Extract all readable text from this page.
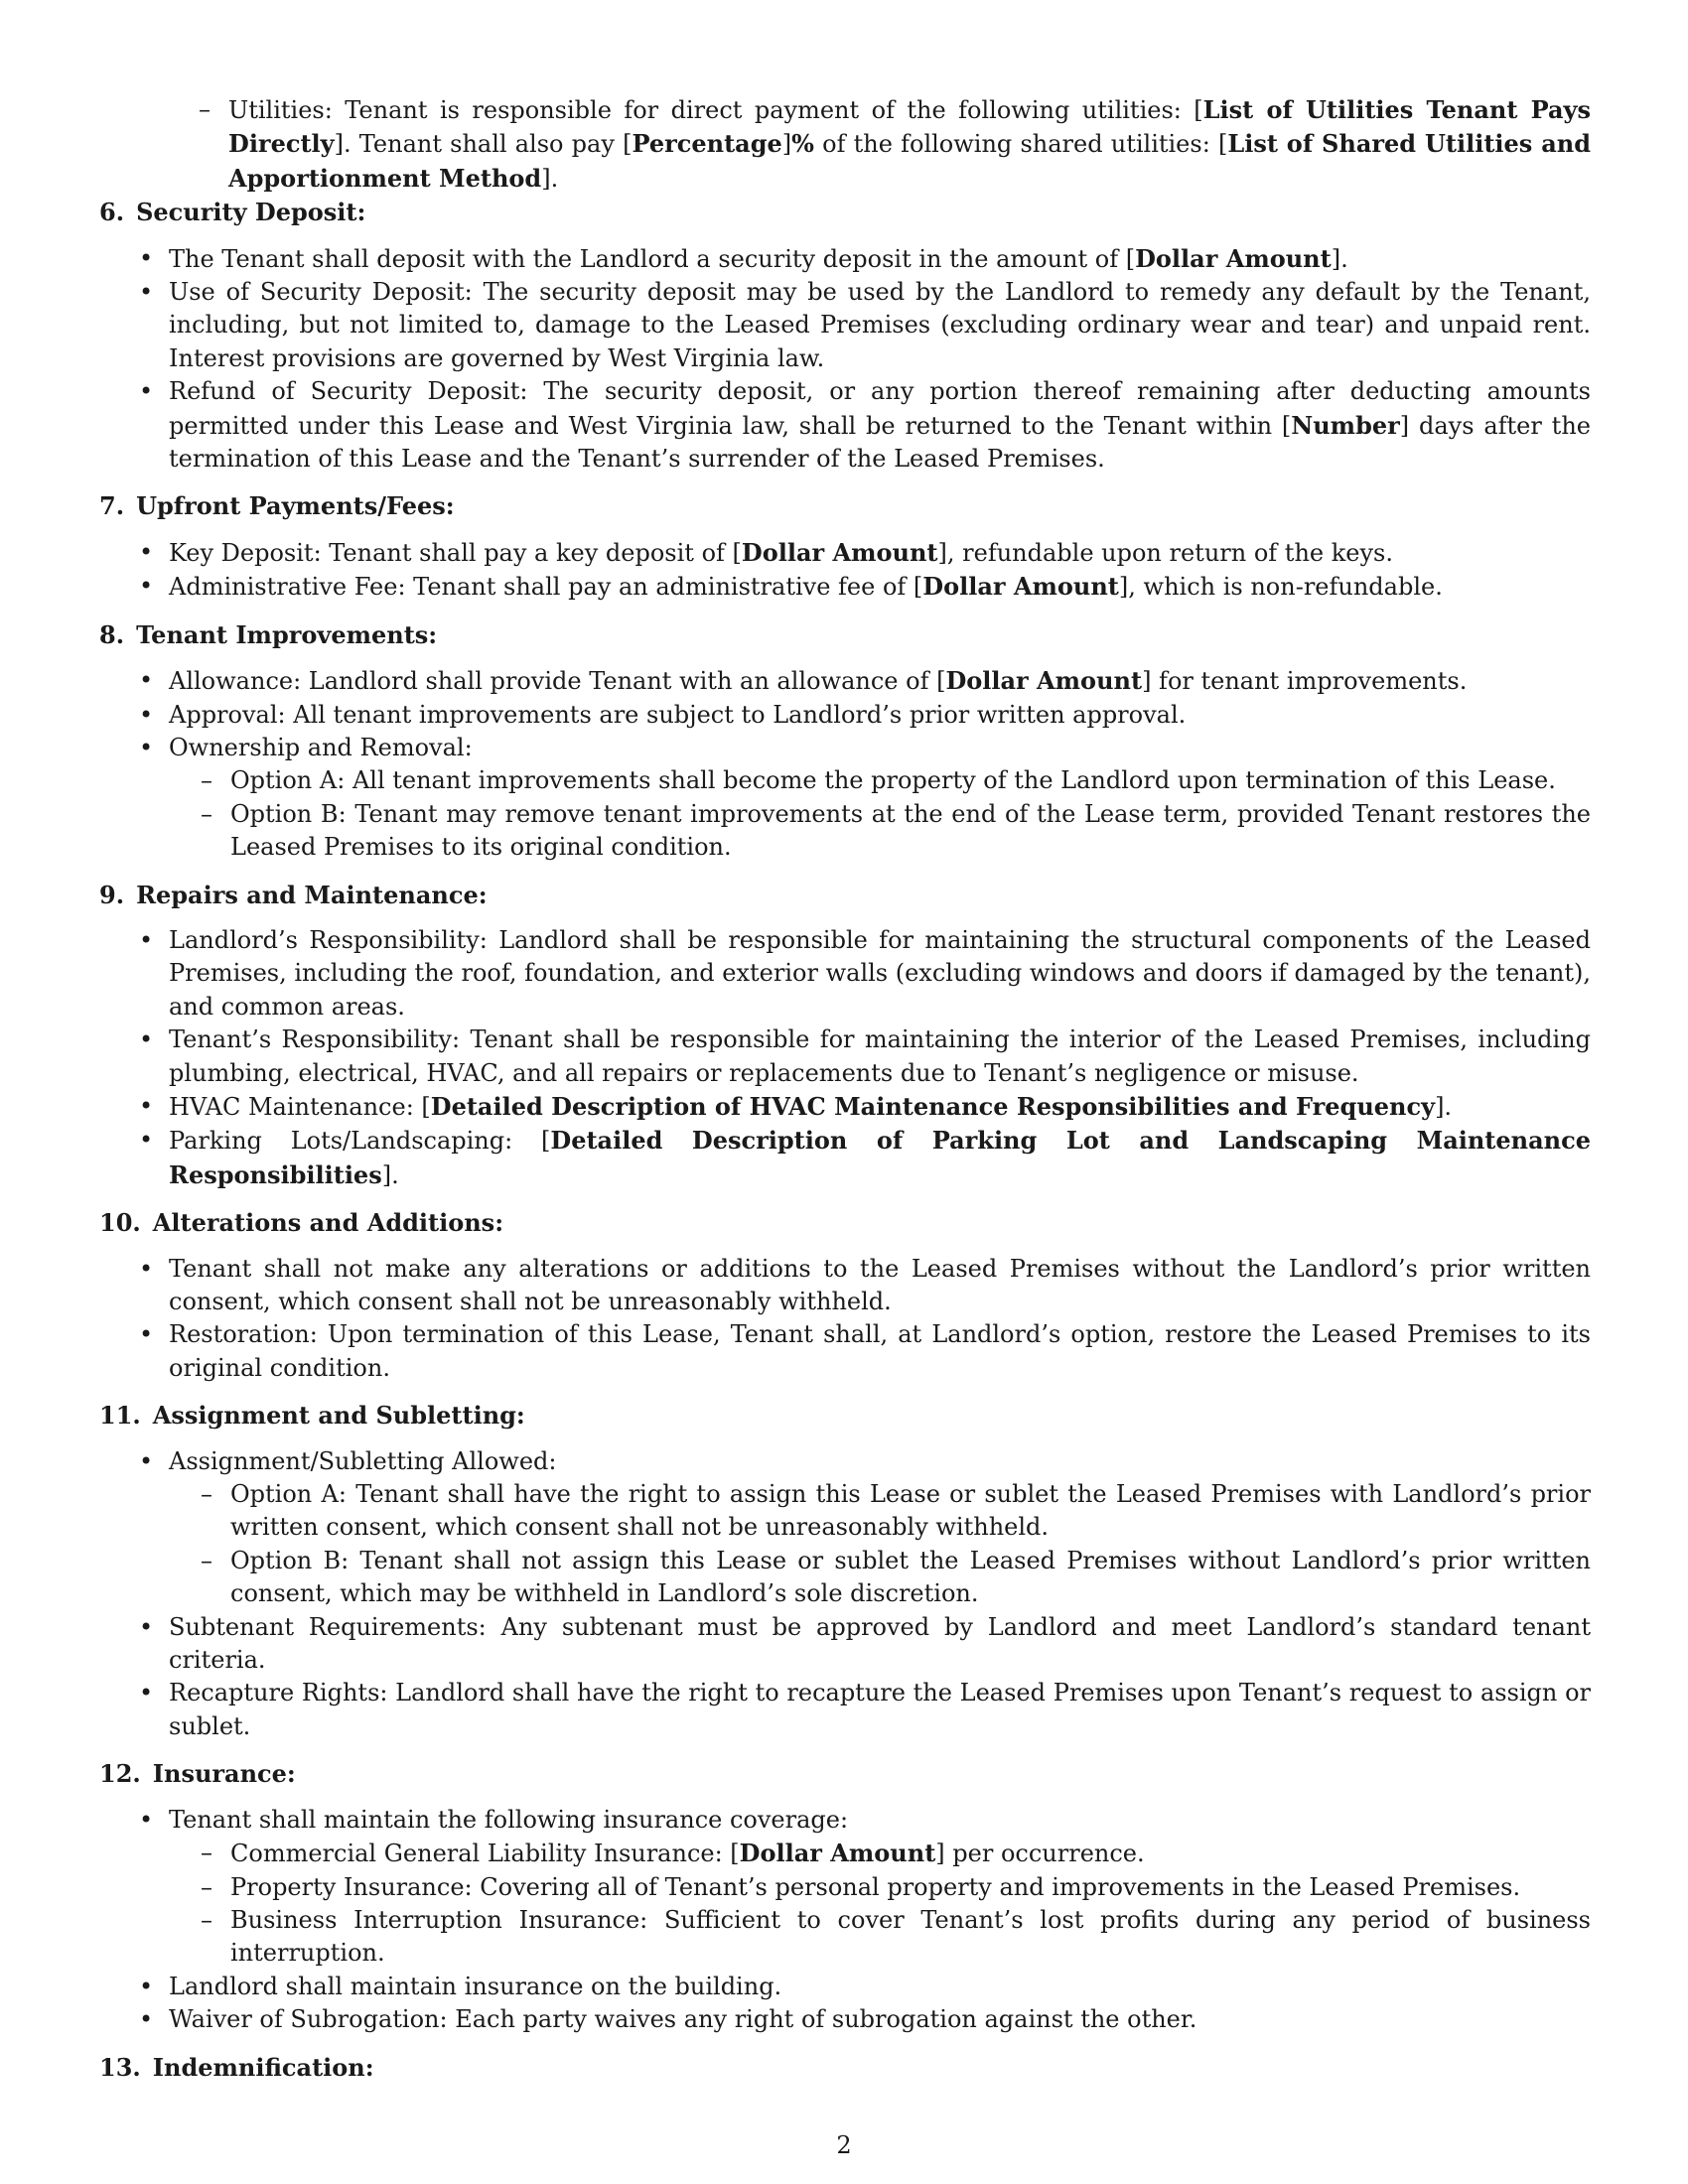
– Utilities: Tenant is responsible for direct payment of the following utilities: [List of Utilities Tenant Pays Directly]. Tenant shall also pay [Percentage]% of the following shared utilities: [List of Shared Utilities and Apportionment Method].
6. Security Deposit:
• The Tenant shall deposit with the Landlord a security deposit in the amount of [Dollar Amount].
• Use of Security Deposit: The security deposit may be used by the Landlord to remedy any default by the Tenant, including, but not limited to, damage to the Leased Premises (excluding ordinary wear and tear) and unpaid rent. Interest provisions are governed by West Virginia law.
• Refund of Security Deposit: The security deposit, or any portion thereof remaining after deducting amounts permitted under this Lease and West Virginia law, shall be returned to the Tenant within [Number] days after the termination of this Lease and the Tenant’s surrender of the Leased Premises.
7. Upfront Payments/Fees:
• Key Deposit: Tenant shall pay a key deposit of [Dollar Amount], refundable upon return of the keys.
• Administrative Fee: Tenant shall pay an administrative fee of [Dollar Amount], which is non-refundable.
8. Tenant Improvements:
• Allowance: Landlord shall provide Tenant with an allowance of [Dollar Amount] for tenant improvements.
• Approval: All tenant improvements are subject to Landlord’s prior written approval.
• Ownership and Removal:
– Option A: All tenant improvements shall become the property of the Landlord upon termination of this Lease.
– Option B: Tenant may remove tenant improvements at the end of the Lease term, provided Tenant restores the Leased Premises to its original condition.
9. Repairs and Maintenance:
• Landlord’s Responsibility: Landlord shall be responsible for maintaining the structural components of the Leased Premises, including the roof, foundation, and exterior walls (excluding windows and doors if damaged by the tenant), and common areas.
• Tenant’s Responsibility: Tenant shall be responsible for maintaining the interior of the Leased Premises, including plumbing, electrical, HVAC, and all repairs or replacements due to Tenant’s negligence or misuse.
• HVAC Maintenance: [Detailed Description of HVAC Maintenance Responsibilities and Frequency].
• Parking Lots/Landscaping: [Detailed Description of Parking Lot and Landscaping Maintenance Responsibilities].
10. Alterations and Additions:
• Tenant shall not make any alterations or additions to the Leased Premises without the Landlord’s prior written consent, which consent shall not be unreasonably withheld.
• Restoration: Upon termination of this Lease, Tenant shall, at Landlord’s option, restore the Leased Premises to its original condition.
11. Assignment and Subletting:
• Assignment/Subletting Allowed:
– Option A: Tenant shall have the right to assign this Lease or sublet the Leased Premises with Landlord’s prior written consent, which consent shall not be unreasonably withheld.
– Option B: Tenant shall not assign this Lease or sublet the Leased Premises without Landlord’s prior written consent, which may be withheld in Landlord’s sole discretion.
• Subtenant Requirements: Any subtenant must be approved by Landlord and meet Landlord’s standard tenant criteria.
• Recapture Rights: Landlord shall have the right to recapture the Leased Premises upon Tenant’s request to assign or sublet.
12. Insurance:
• Tenant shall maintain the following insurance coverage:
– Commercial General Liability Insurance: [Dollar Amount] per occurrence.
– Property Insurance: Covering all of Tenant’s personal property and improvements in the Leased Premises.
– Business Interruption Insurance: Sufficient to cover Tenant’s lost profits during any period of business interruption.
• Landlord shall maintain insurance on the building.
• Waiver of Subrogation: Each party waives any right of subrogation against the other.
13. Indemnification:
2
